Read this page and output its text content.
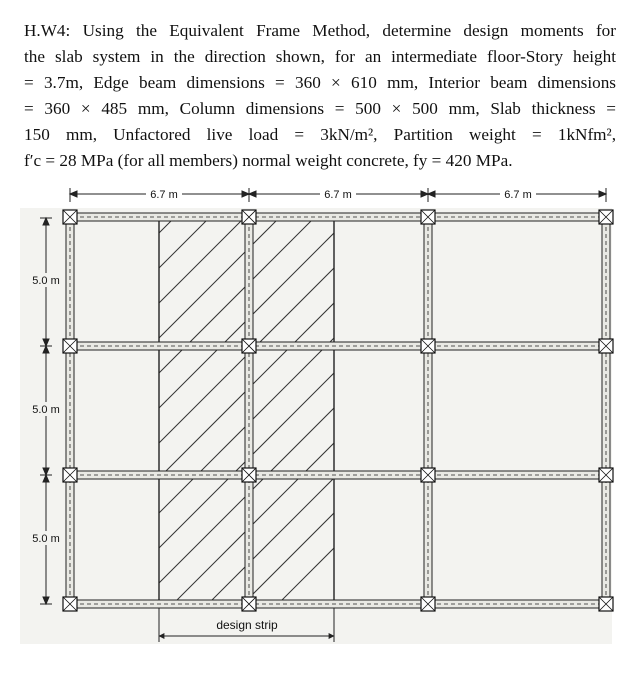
H.W4: Using the Equivalent Frame Method, determine design moments for
the slab system in the direction shown, for an intermediate floor-Story height
= 3.7m, Edge beam dimensions = 360 × 610 mm, Interior beam dimensions
= 360 × 485 mm, Column dimensions = 500 × 500 mm, Slab thickness =
150 mm, Unfactored live load = 3kN/m², Partition weight = 1kNfm²,
f′c = 28 MPa (for all members) normal weight concrete, fy = 420 MPa.
6.7 m	6.7 m	6.7 m
5.0 m
5.0 m
5.0 m
design strip
